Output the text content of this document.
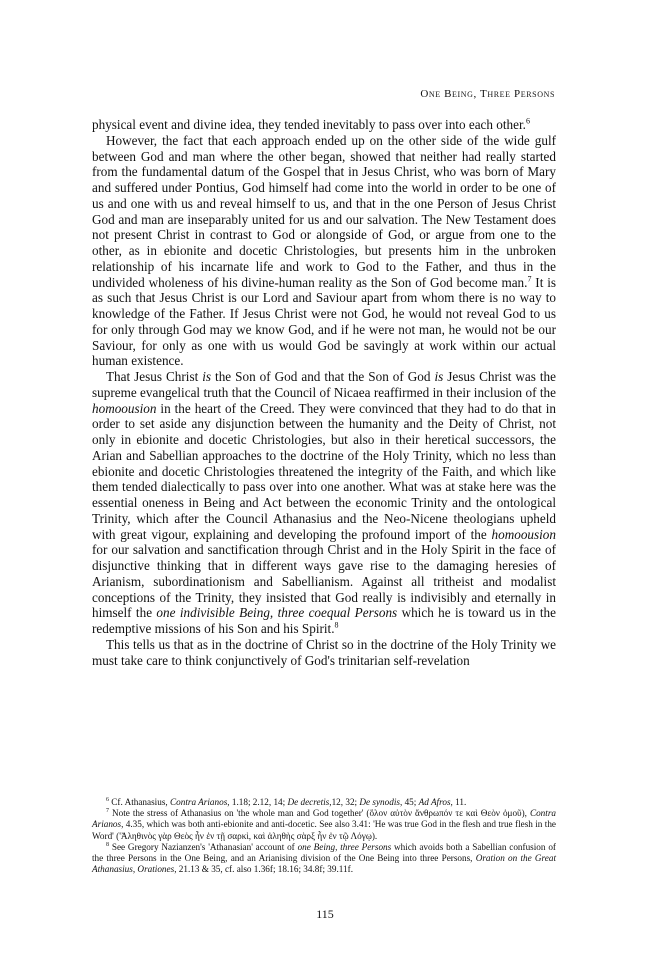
One Being, Three Persons

physical event and divine idea, they tended inevitably to pass over into each other.$^6$

However, the fact that each approach ended up on the other side of the wide gulf between God and man where the other began, showed that neither had really started from the fundamental datum of the Gospel that in Jesus Christ, who was born of Mary and suffered under Pontius, God himself had come into the world in order to be one of us and one with us and reveal himself to us, and that in the one Person of Jesus Christ God and man are inseparably united for us and our salvation. The New Testament does not present Christ in contrast to God or alongside of God, or argue from one to the other, as in ebionite and docetic Christologies, but presents him in the unbroken relationship of his incarnate life and work to God to the Father, and thus in the undivided wholeness of his divine-human reality as the Son of God become man.$^7$ It is as such that Jesus Christ is our Lord and Saviour apart from whom there is no way to knowledge of the Father. If Jesus Christ were not God, he would not reveal God to us for only through God may we know God, and if he were not man, he would not be our Saviour, for only as one with us would God be savingly at work within our actual human existence.

That Jesus Christ is the Son of God and that the Son of God is Jesus Christ was the supreme evangelical truth that the Council of Nicaea reaffirmed in their inclusion of the homoousion in the heart of the Creed. They were convinced that they had to do that in order to set aside any disjunction between the humanity and the Deity of Christ, not only in ebionite and docetic Christologies, but also in their heretical successors, the Arian and Sabellian approaches to the doctrine of the Holy Trinity, which no less than ebionite and docetic Christologies threatened the integrity of the Faith, and which like them tended dialectically to pass over into one another. What was at stake here was the essential oneness in Being and Act between the economic Trinity and the ontological Trinity, which after the Council Athanasius and the Neo-Nicene theologians upheld with great vigour, explaining and developing the profound import of the homoousion for our salvation and sanctification through Christ and in the Holy Spirit in the face of disjunctive thinking that in different ways gave rise to the damaging heresies of Arianism, subordinationism and Sabellianism. Against all tritheist and modalist conceptions of the Trinity, they insisted that God really is indivisibly and eternally in himself the one indivisible Being, three coequal Persons which he is toward us in the redemptive missions of his Son and his Spirit.$^8$

This tells us that as in the doctrine of Christ so in the doctrine of the Holy Trinity we must take care to think conjunctively of God's trinitarian self-revelation

$^6$ Cf. Athanasius, Contra Arianos, 1.18; 2.12, 14; De decretis,12, 32; De synodis, 45; Ad Afros, 11.

$^7$ Note the stress of Athanasius on 'the whole man and God together' (ὅλον αὐτὸν ἄνθρωπόν τε καὶ Θεὸν ὁμοῦ), Contra Arianos, 4.35, which was both anti-ebionite and anti-docetic. See also 3.41: 'He was true God in the flesh and true flesh in the Word' ('Ἀληθινὸς γὰρ Θεὸς ἦν ἐν τῇ σαρκὶ, καὶ ἀληθὴς σὰρξ ἦν ἐν τῷ Λόγῳ).

$^8$ See Gregory Nazianzen's 'Athanasian' account of one Being, three Persons which avoids both a Sabellian confusion of the three Persons in the One Being, and an Arianising division of the One Being into three Persons, Oration on the Great Athanasius, Orationes, 21.13 & 35, cf. also 1.36f; 18.16; 34.8f; 39.11f.

115
